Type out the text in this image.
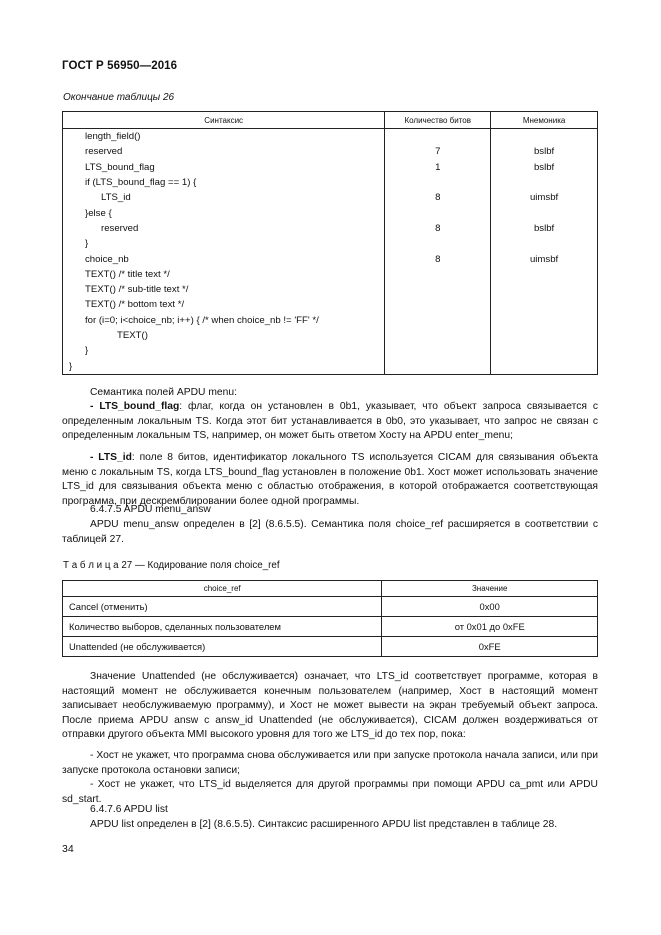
ГОСТ Р 56950—2016
Окончание таблицы 26
Синтаксис	Количество битов	Мнемоника
length_field()		
reserved	7	bslbf
LTS_bound_flag	1	bslbf
if (LTS_bound_flag == 1) {		
LTS_id	8	uimsbf
}else {		
reserved	8	bslbf
}		
choice_nb	8	uimsbf
TEXT() /* title text */		
TEXT() /* sub-title text */		
TEXT() /* bottom text */		
for (i=0; i<choice_nb; i++) { /* when choice_nb != 'FF' */		
TEXT()		
}		
}		
Семантика полей APDU menu:
- LTS_bound_flag: флаг, когда он установлен в 0b1, указывает, что объект запроса связывается с определенным локальным TS. Когда этот бит устанавливается в 0b0, это указывает, что запрос не связан с определенным локальным TS, например, он может быть ответом Хосту на APDU enter_menu;
- LTS_id: поле 8 битов, идентификатор локального TS используется CICAM для связывания объекта меню с локальным TS, когда LTS_bound_flag установлен в положение 0b1. Хост может использовать значение LTS_id для связывания объекта меню с областью отображения, в которой отображается соответствующая программа, при дескремблировании более одной программы.
6.4.7.5 APDU menu_answ
APDU menu_answ определен в [2] (8.6.5.5). Семантика поля choice_ref расширяется в соответствии с таблицей 27.
Т а б л и ц а 27 — Кодирование поля choice_ref
choice_ref	Значение
Cancel (отменить)	0x00
Количество выборов, сделанных пользователем	от 0x01 до 0xFE
Unattended (не обслуживается)	0xFE
Значение Unattended (не обслуживается) означает, что LTS_id соответствует программе, которая в настоящий момент не обслуживается конечным пользователем (например, Хост в настоящий момент записывает необслуживаемую программу), и Хост не может вывести на экран требуемый объект запроса. После приема APDU answ с answ_id Unattended (не обслуживается), CICAM должен воздерживаться от отправки другого объекта MMI высокого уровня для того же LTS_id до тех пор, пока:
- Хост не укажет, что программа снова обслуживается или при запуске протокола начала записи, или при запуске протокола остановки записи;
- Хост не укажет, что LTS_id выделяется для другой программы при помощи APDU ca_pmt или APDU sd_start.
6.4.7.6 APDU list
APDU list определен в [2] (8.6.5.5). Синтаксис расширенного APDU list представлен в таблице 28.
34
